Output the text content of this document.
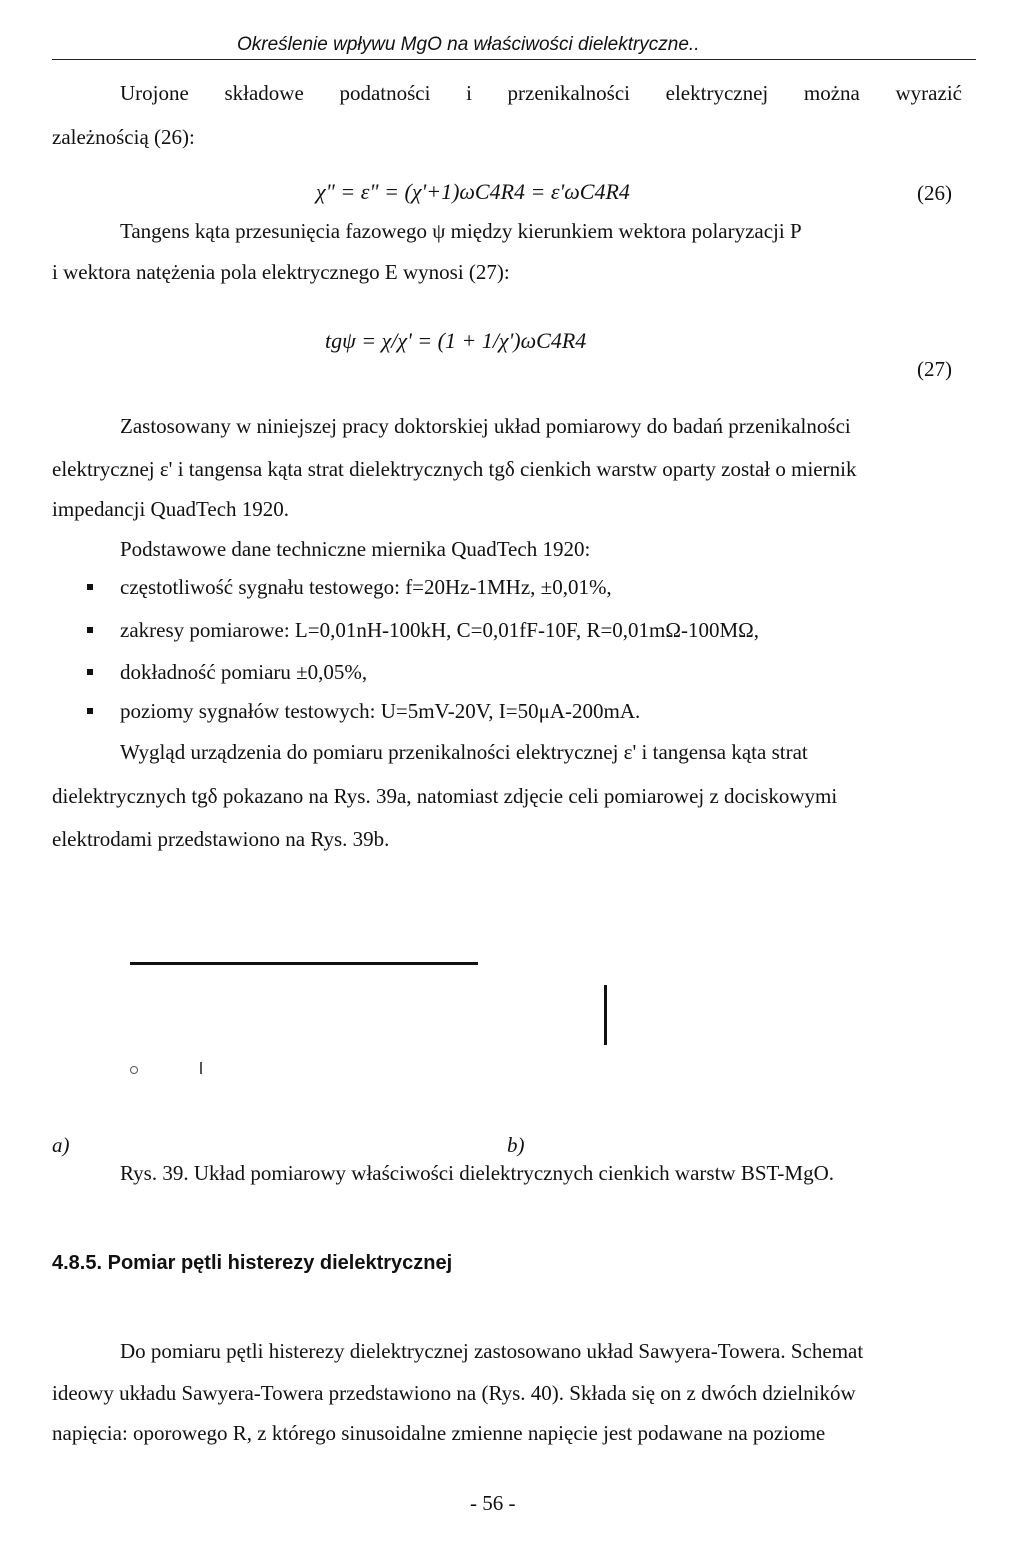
Określenie wpływu MgO na właściwości dielektryczne..
Urojone składowe podatności i przenikalności elektrycznej można wyrazić
zależnością (26):
χ" = ε" = (χ'+1)ωC4R4 = ε'ωC4R4	(26)
Tangens kąta przesunięcia fazowego ψ między kierunkiem wektora polaryzacji P
i wektora natężenia pola elektrycznego E wynosi (27):
tgψ = χ/χ' = (1 + 1/χ')ωC4R4
(27)
Zastosowany w niniejszej pracy doktorskiej układ pomiarowy do badań przenikalności
elektrycznej ε' i tangensa kąta strat dielektrycznych tgδ cienkich warstw oparty został o miernik
impedancji QuadTech 1920.
Podstawowe dane techniczne miernika QuadTech 1920:
częstotliwość sygnału testowego: f=20Hz-1MHz, ±0,01%,
zakresy pomiarowe: L=0,01nH-100kH, C=0,01fF-10F, R=0,01mΩ-100MΩ,
dokładność pomiaru ±0,05%,
poziomy sygnałów testowych: U=5mV-20V, I=50μA-200mA.
Wygląd urządzenia do pomiaru przenikalności elektrycznej ε' i tangensa kąta strat
dielektrycznych tgδ pokazano na Rys. 39a, natomiast zdjęcie celi pomiarowej z dociskowymi
elektrodami przedstawiono na Rys. 39b.
a)	b)
Rys. 39. Układ pomiarowy właściwości dielektrycznych cienkich warstw BST-MgO.
4.8.5. Pomiar pętli histerezy dielektrycznej
Do pomiaru pętli histerezy dielektrycznej zastosowano układ Sawyera-Towera. Schemat
ideowy układu Sawyera-Towera przedstawiono na (Rys. 40). Składa się on z dwóch dzielników
napięcia: oporowego R, z którego sinusoidalne zmienne napięcie jest podawane na poziome
- 56 -
